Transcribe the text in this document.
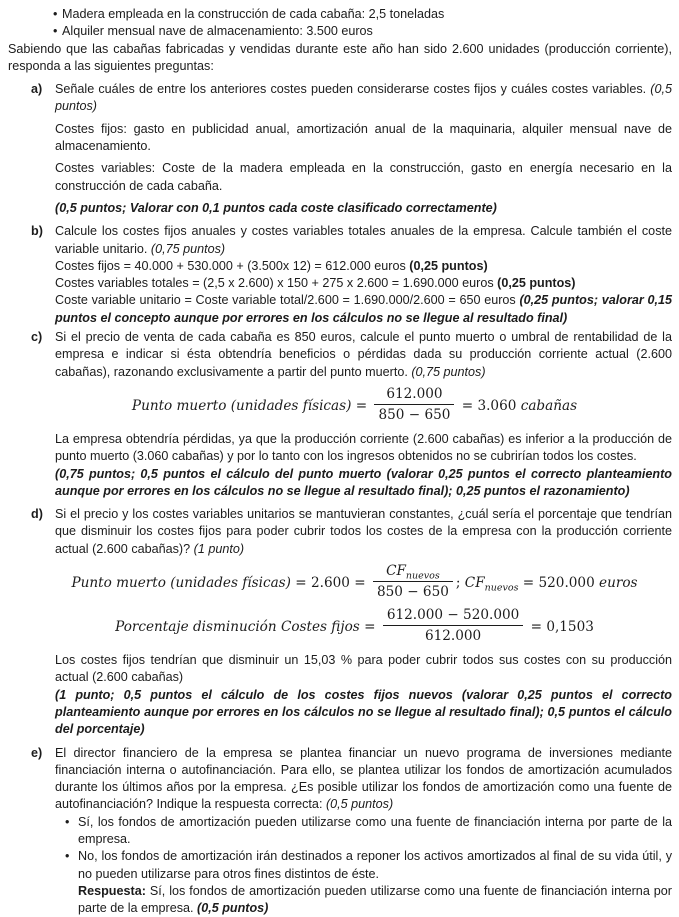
• Madera empleada en la construcción de cada cabaña: 2,5 toneladas
• Alquiler mensual nave de almacenamiento: 3.500 euros

Sabiendo que las cabañas fabricadas y vendidas durante este año han sido 2.600 unidades (producción corriente), responda a las siguientes preguntas:

a) Señale cuáles de entre los anteriores costes pueden considerarse costes fijos y cuáles costes variables. (0,5 puntos)

Costes fijos: gasto en publicidad anual, amortización anual de la maquinaria, alquiler mensual nave de almacenamiento.

Costes variables: Coste de la madera empleada en la construcción, gasto en energía necesario en la construcción de cada cabaña.

(0,5 puntos; Valorar con 0,1 puntos cada coste clasificado correctamente)

b) Calcule los costes fijos anuales y costes variables totales anuales de la empresa. Calcule también el coste variable unitario. (0,75 puntos)

Costes fijos = 40.000 + 530.000 + (3.500x 12) = 612.000 euros (0,25 puntos)

Costes variables totales = (2,5 x 2.600) x 150 + 275 x 2.600 = 1.690.000 euros (0,25 puntos)

Coste variable unitario = Coste variable total/2.600 = 1.690.000/2.600 = 650 euros (0,25 puntos; valorar 0,15 puntos el concepto aunque por errores en los cálculos no se llegue al resultado final)

c) Si el precio de venta de cada cabaña es 850 euros, calcule el punto muerto o umbral de rentabilidad de la empresa e indicar si ésta obtendría beneficios o pérdidas dada su producción corriente actual (2.600 cabañas), razonando exclusivamente a partir del punto muerto. (0,75 puntos)

Punto muerto (unidades físicas) = $\frac{612.000}{850 - 650} = 3.060$ cabañas

La empresa obtendría pérdidas, ya que la producción corriente (2.600 cabañas) es inferior a la producción de punto muerto (3.060 cabañas) y por lo tanto con los ingresos obtenidos no se cubrirían todos los costes.

(0,75 puntos; 0,5 puntos el cálculo del punto muerto (valorar 0,25 puntos el correcto planteamiento aunque por errores en los cálculos no se llegue al resultado final); 0,25 puntos el razonamiento)

d) Si el precio y los costes variables unitarios se mantuvieran constantes, ¿cuál sería el porcentaje que tendrían que disminuir los costes fijos para poder cubrir todos los costes de la empresa con la producción corriente actual (2.600 cabañas)? (1 punto)

Punto muerto (unidades físicas) = $2.600 = \frac{CF_{nuevos}}{850 - 650}$ ; $CF_{nuevos} = 520.000$ euros
Porcentaje disminución Costes fijos = $\frac{612.000 - 520.000}{612.000} = 0,1503$

Los costes fijos tendrían que disminuir un 15,03 % para poder cubrir todos sus costes con su producción actual (2.600 cabañas)

(1 punto; 0,5 puntos el cálculo de los costes fijos nuevos (valorar 0,25 puntos el correcto planteamiento aunque por errores en los cálculos no se llegue al resultado final); 0,5 puntos el cálculo del porcentaje)

e) El director financiero de la empresa se plantea financiar un nuevo programa de inversiones mediante financiación interna o autofinanciación. Para ello, se plantea utilizar los fondos de amortización acumulados durante los últimos años por la empresa. ¿Es posible utilizar los fondos de amortización como una fuente de autofinanciación? Indique la respuesta correcta: (0,5 puntos)

• Sí, los fondos de amortización pueden utilizarse como una fuente de financiación interna por parte de la empresa.

• No, los fondos de amortización irán destinados a reponer los activos amortizados al final de su vida útil, y no pueden utilizarse para otros fines distintos de éste.

Respuesta: Sí, los fondos de amortización pueden utilizarse como una fuente de financiación interna por parte de la empresa. (0,5 puntos)
